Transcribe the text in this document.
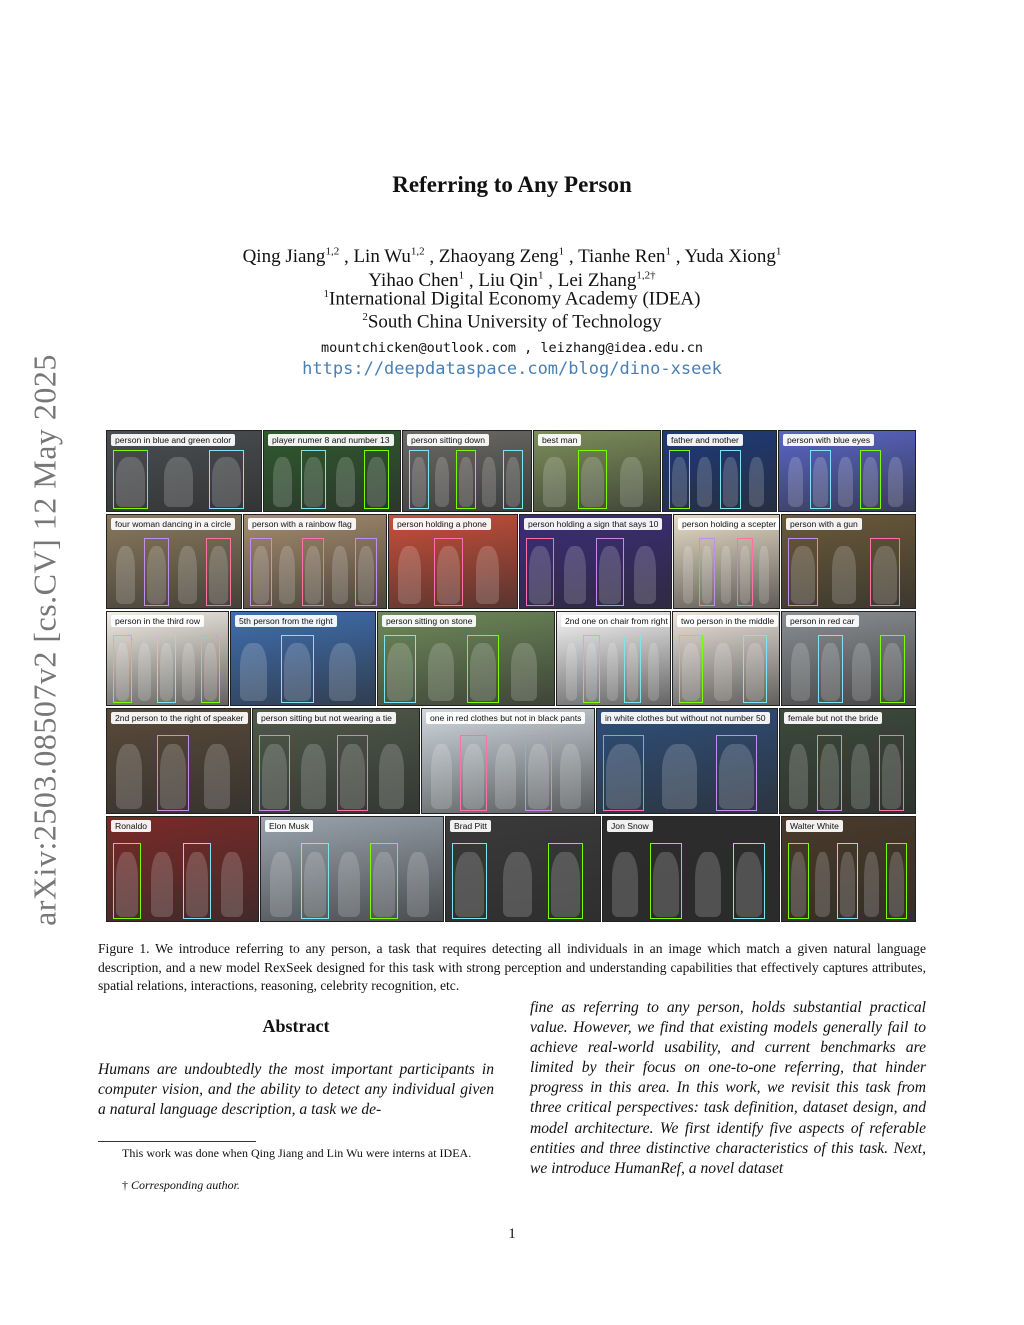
arXiv:2503.08507v2 [cs.CV] 12 May 2025
Referring to Any Person
Qing Jiang$^{1,2}$ , Lin Wu$^{1,2}$ , Zhaoyang Zeng$^1$ , Tianhe Ren$^1$ , Yuda Xiong$^1$
Yihao Chen$^1$ , Liu Qin$^1$ , Lei Zhang$^{1,2\dagger}$
$^1$International Digital Economy Academy (IDEA)
$^2$South China University of Technology
mountchicken@outlook.com , leizhang@idea.edu.cn
https://deepdataspace.com/blog/dino-xseek
person in blue and green color	player numer 8 and number 13	person sitting down	best man	father and mother	person with blue eyes
four woman dancing in a circle	person with a rainbow flag	person holding a phone	person holding a sign that says 10	person holding a scepter	person with a gun
person in the third row	5th person from the right	person sitting on stone	2nd one on chair from right	two person in the middle	person in red car
2nd person to the right of speaker	person sitting but not wearing a tie	one in red clothes but not in black pants	in white clothes but without not number 50	female but not the bride
Ronaldo	Elon Musk	Brad Pitt	Jon Snow	Walter White
Figure 1. We introduce referring to any person, a task that requires detecting all individuals in an image which match a given natural language description, and a new model RexSeek designed for this task with strong perception and understanding capabilities that effectively captures attributes, spatial relations, interactions, reasoning, celebrity recognition, etc.
Abstract
Humans are undoubtedly the most important participants in computer vision, and the ability to detect any individual given a natural language description, a task we de-
fine as referring to any person, holds substantial practical value. However, we find that existing models generally fail to achieve real-world usability, and current benchmarks are limited by their focus on one-to-one referring, that hinder progress in this area. In this work, we revisit this task from three critical perspectives: task definition, dataset design, and model architecture. We first identify five aspects of referable entities and three distinctive characteristics of this task. Next, we introduce HumanRef, a novel dataset
This work was done when Qing Jiang and Lin Wu were interns at IDEA.
† Corresponding author.
1
